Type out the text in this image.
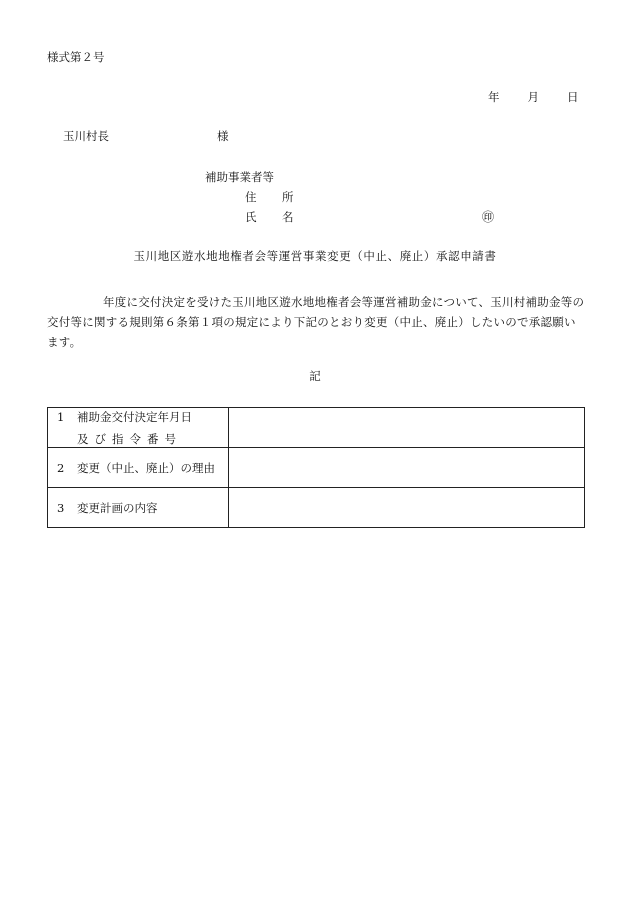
様式第２号
年 月 日
玉川村長	様
補助事業者等
住　所
氏　名	㊞
玉川地区遊水地地権者会等運営事業変更（中止、廃止）承認申請書
年度に交付決定を受けた玉川地区遊水地地権者会等運営補助金について、玉川村補助金等の交付等に関する規則第６条第１項の規定により下記のとおり変更（中止、廃止）したいので承認願います。
記
1 補助金交付決定年月日
及び指令番号	

2 変更（中止、廃止）の理由	
3 変更計画の内容	
